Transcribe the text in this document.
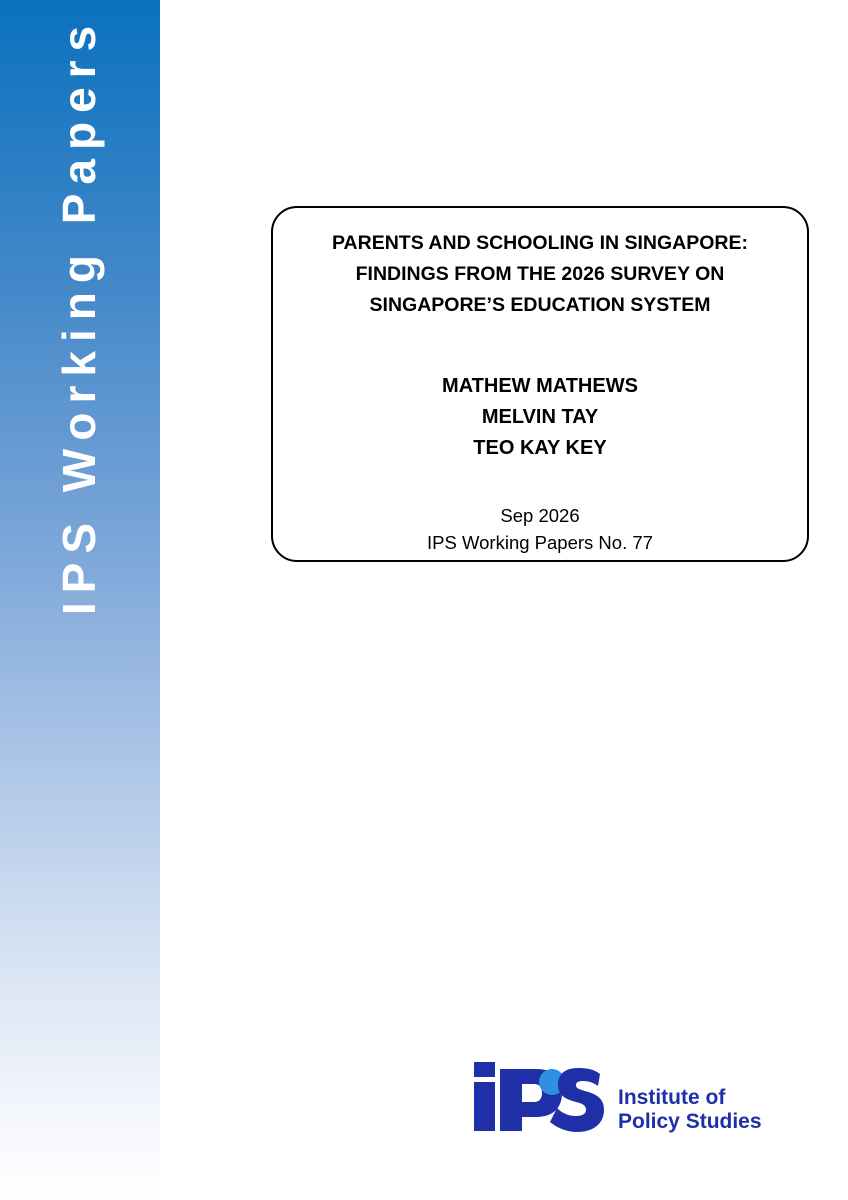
IPS Working Papers	PARENTS AND SCHOOLING IN SINGAPORE:
FINDINGS FROM THE 2026 SURVEY ON
SINGAPORE’S EDUCATION SYSTEM
MATHEW MATHEWS
MELVIN TAY
TEO KAY KEY
Sep 2026
IPS Working Papers No. 77
Institute of
Policy Studies
